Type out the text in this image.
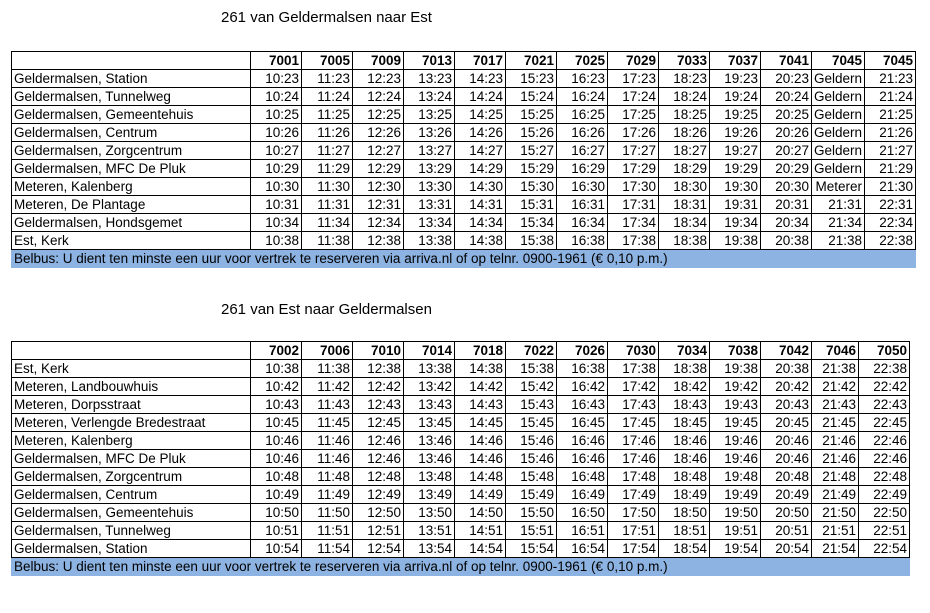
261 van Geldermalsen naar Est
	7001	7005	7009	7013	7017	7021	7025	7029	7033	7037	7041	7045	7045
Geldermalsen, Station	10:23	11:23	12:23	13:23	14:23	15:23	16:23	17:23	18:23	19:23	20:23	Geldern	21:23
Geldermalsen, Tunnelweg	10:24	11:24	12:24	13:24	14:24	15:24	16:24	17:24	18:24	19:24	20:24	Geldern	21:24
Geldermalsen, Gemeentehuis	10:25	11:25	12:25	13:25	14:25	15:25	16:25	17:25	18:25	19:25	20:25	Geldern	21:25
Geldermalsen, Centrum	10:26	11:26	12:26	13:26	14:26	15:26	16:26	17:26	18:26	19:26	20:26	Geldern	21:26
Geldermalsen, Zorgcentrum	10:27	11:27	12:27	13:27	14:27	15:27	16:27	17:27	18:27	19:27	20:27	Geldern	21:27
Geldermalsen, MFC De Pluk	10:29	11:29	12:29	13:29	14:29	15:29	16:29	17:29	18:29	19:29	20:29	Geldern	21:29
Meteren, Kalenberg	10:30	11:30	12:30	13:30	14:30	15:30	16:30	17:30	18:30	19:30	20:30	Meterer	21:30
Meteren, De Plantage	10:31	11:31	12:31	13:31	14:31	15:31	16:31	17:31	18:31	19:31	20:31	21:31	22:31
Geldermalsen, Hondsgemet	10:34	11:34	12:34	13:34	14:34	15:34	16:34	17:34	18:34	19:34	20:34	21:34	22:34
Est, Kerk	10:38	11:38	12:38	13:38	14:38	15:38	16:38	17:38	18:38	19:38	20:38	21:38	22:38
Belbus: U dient ten minste een uur voor vertrek te reserveren via arriva.nl of op telnr. 0900-1961 (€ 0,10 p.m.)													
261 van Est naar Geldermalsen
	7002	7006	7010	7014	7018	7022	7026	7030	7034	7038	7042	7046	7050
Est, Kerk	10:38	11:38	12:38	13:38	14:38	15:38	16:38	17:38	18:38	19:38	20:38	21:38	22:38
Meteren, Landbouwhuis	10:42	11:42	12:42	13:42	14:42	15:42	16:42	17:42	18:42	19:42	20:42	21:42	22:42
Meteren, Dorpsstraat	10:43	11:43	12:43	13:43	14:43	15:43	16:43	17:43	18:43	19:43	20:43	21:43	22:43
Meteren, Verlengde Bredestraat	10:45	11:45	12:45	13:45	14:45	15:45	16:45	17:45	18:45	19:45	20:45	21:45	22:45
Meteren, Kalenberg	10:46	11:46	12:46	13:46	14:46	15:46	16:46	17:46	18:46	19:46	20:46	21:46	22:46
Geldermalsen, MFC De Pluk	10:46	11:46	12:46	13:46	14:46	15:46	16:46	17:46	18:46	19:46	20:46	21:46	22:46
Geldermalsen, Zorgcentrum	10:48	11:48	12:48	13:48	14:48	15:48	16:48	17:48	18:48	19:48	20:48	21:48	22:48
Geldermalsen, Centrum	10:49	11:49	12:49	13:49	14:49	15:49	16:49	17:49	18:49	19:49	20:49	21:49	22:49
Geldermalsen, Gemeentehuis	10:50	11:50	12:50	13:50	14:50	15:50	16:50	17:50	18:50	19:50	20:50	21:50	22:50
Geldermalsen, Tunnelweg	10:51	11:51	12:51	13:51	14:51	15:51	16:51	17:51	18:51	19:51	20:51	21:51	22:51
Geldermalsen, Station	10:54	11:54	12:54	13:54	14:54	15:54	16:54	17:54	18:54	19:54	20:54	21:54	22:54
Belbus: U dient ten minste een uur voor vertrek te reserveren via arriva.nl of op telnr. 0900-1961 (€ 0,10 p.m.)													
